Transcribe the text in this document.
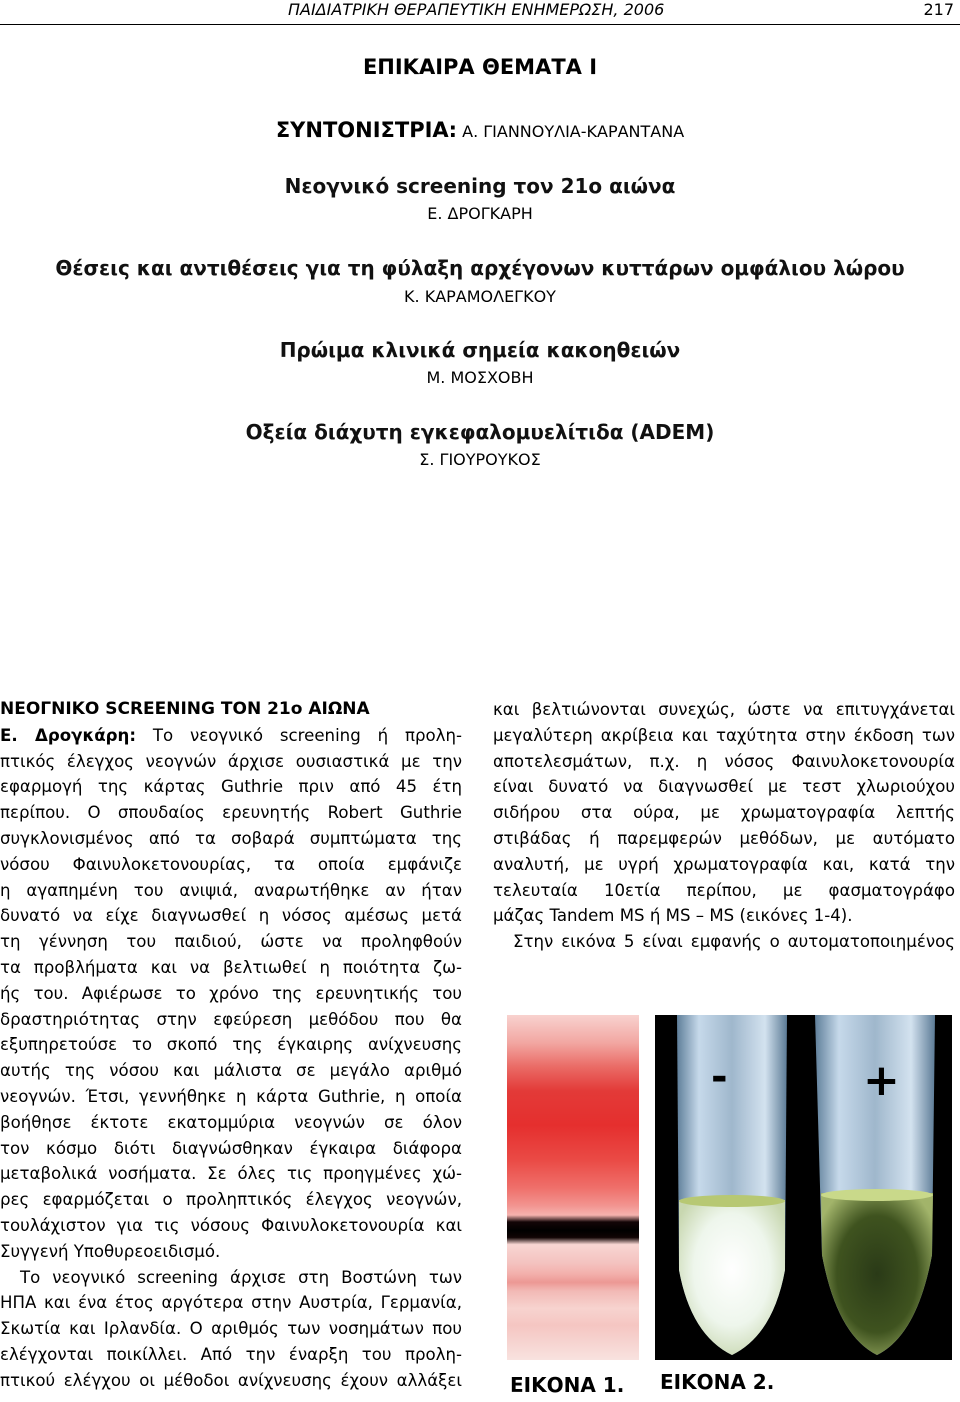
ΠΑΙΔΙΑΤΡΙΚΗ ΘΕΡΑΠΕΥΤΙΚΗ ΕΝΗΜΕΡΩΣΗ, 2006	217
ΕΠΙΚΑΙΡΑ ΘΕΜΑΤΑ Ι
ΣΥΝΤΟΝΙΣΤΡΙΑ: Α. ΓΙΑΝΝΟΥΛΙΑ-ΚΑΡΑΝΤΑΝΑ
Νεογνικό screening τον 21ο αιώνα
Ε. ΔΡΟΓΚΑΡΗ
Θέσεις και αντιθέσεις για τη φύλαξη αρχέγονων κυττάρων ομφάλιου λώρου
Κ. ΚΑΡΑΜΟΛΕΓΚΟΥ
Πρώιμα κλινικά σημεία κακοηθειών
Μ. ΜΟΣΧΟΒΗ
Οξεία διάχυτη εγκεφαλομυελίτιδα (ADEM)
Σ. ΓΙΟΥΡΟΥΚΟΣ
ΝΕΟΓΝΙΚΟ SCREENING ΤΟΝ 21ο ΑΙΩΝΑ
Ε. Δρογκάρη: Το νεογνικό screening ή προλη-
πτικός έλεγχος νεογνών άρχισε ουσιαστικά με την
εφαρμογή της κάρτας Guthrie πριν από 45 έτη
περίπου. Ο σπουδαίος ερευνητής Robert Guthrie
συγκλονισμένος από τα σοβαρά συμπτώματα της
νόσου Φαινυλοκετονουρίας, τα οποία εμφάνιζε
η αγαπημένη του ανιψιά, αναρωτήθηκε αν ήταν
δυνατό να είχε διαγνωσθεί η νόσος αμέσως μετά
τη γέννηση του παιδιού, ώστε να προληφθούν
τα προβλήματα και να βελτιωθεί η ποιότητα ζω-
ής του. Αφιέρωσε το χρόνο της ερευνητικής του
δραστηριότητας στην εφεύρεση μεθόδου που θα
εξυπηρετούσε το σκοπό της έγκαιρης ανίχνευσης
αυτής της νόσου και μάλιστα σε μεγάλο αριθμό
νεογνών. Έτσι, γεννήθηκε η κάρτα Guthrie, η οποία
βοήθησε έκτοτε εκατομμύρια νεογνών σε όλον
τον κόσμο διότι διαγνώσθηκαν έγκαιρα διάφορα
μεταβολικά νοσήματα. Σε όλες τις προηγμένες χώ-
ρες εφαρμόζεται ο προληπτικός έλεγχος νεογνών,
τουλάχιστον για τις νόσους Φαινυλοκετονουρία και
Συγγενή Υποθυρεοειδισμό.
Το νεογνικό screening άρχισε στη Βοστώνη των
ΗΠΑ και ένα έτος αργότερα στην Αυστρία, Γερμανία,
Σκωτία και Ιρλανδία. Ο αριθμός των νοσημάτων που
ελέγχονται ποικίλλει. Από την έναρξη του προλη-
πτικού ελέγχου οι μέθοδοι ανίχνευσης έχουν αλλάξει
και βελτιώνονται συνεχώς, ώστε να επιτυγχάνεται
μεγαλύτερη ακρίβεια και ταχύτητα στην έκδοση των
αποτελεσμάτων, π.χ. η νόσος Φαινυλοκετονουρία
είναι δυνατό να διαγνωσθεί με τεστ χλωριούχου
σιδήρου στα ούρα, με χρωματογραφία λεπτής
στιβάδας ή παρεμφερών μεθόδων, με αυτόματο
αναλυτή, με υγρή χρωματογραφία και, κατά την
τελευταία 10ετία περίπου, με φασματογράφο
μάζας Tandem MS ή MS – MS (εικόνες 1-4).
Στην εικόνα 5 είναι εμφανής ο αυτοματοποιημένος
-	+
ΕΙΚΟΝΑ 1. ΕΙΚΟΝΑ 2.
